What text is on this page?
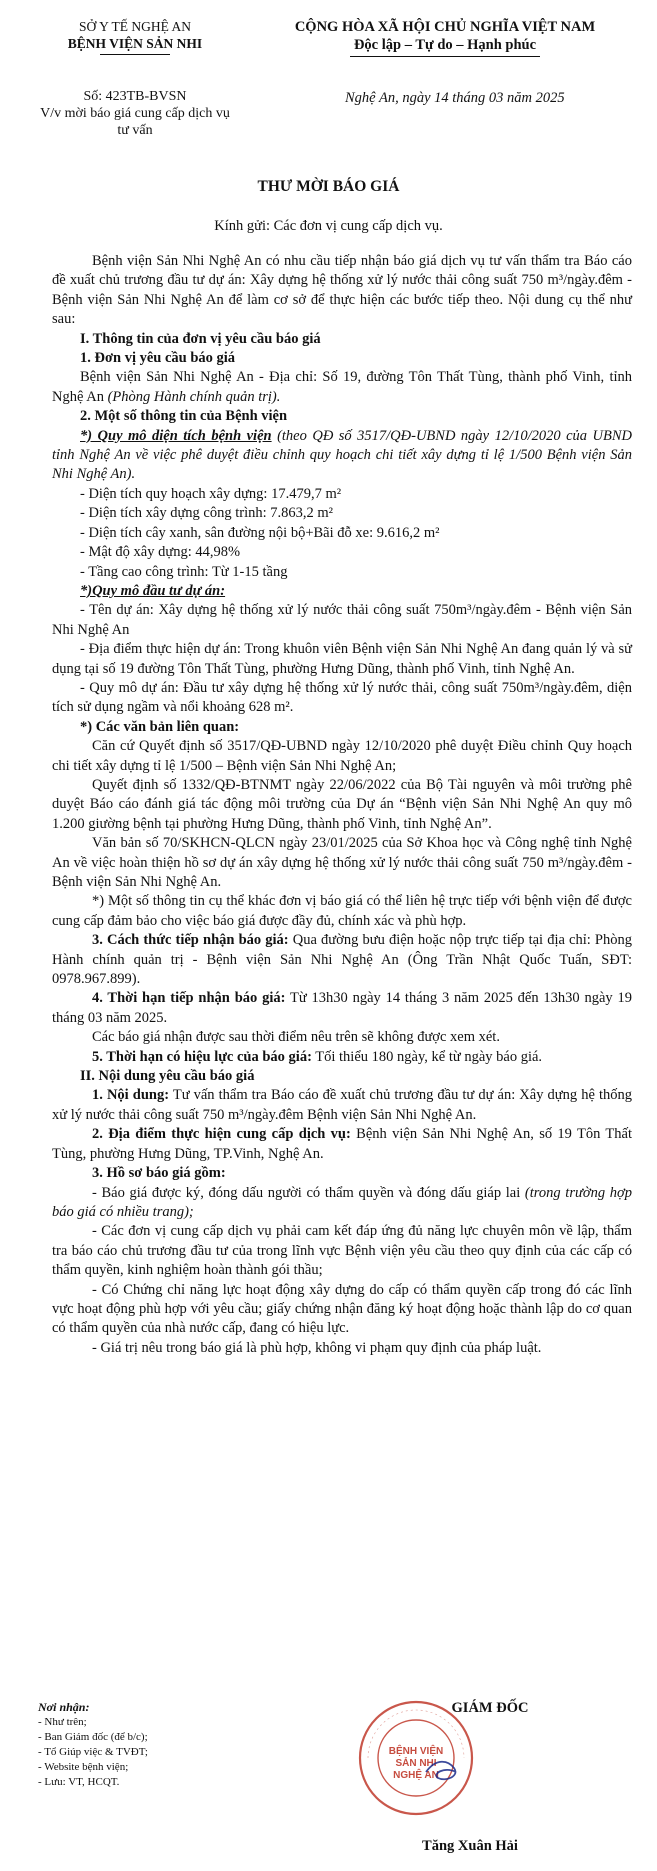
SỞ Y TẾ NGHỆ AN
BỆNH VIỆN SẢN NHI
CỘNG HÒA XÃ HỘI CHỦ NGHĨA VIỆT NAM
Độc lập – Tự do – Hạnh phúc
Số: 423TB-BVSN
V/v mời báo giá cung cấp dịch vụ tư vấn
Nghệ An, ngày 14 tháng 03 năm 2025
THƯ MỜI BÁO GIÁ
Kính gửi: Các đơn vị cung cấp dịch vụ.

Bệnh viện Sản Nhi Nghệ An có nhu cầu tiếp nhận báo giá dịch vụ tư vấn thẩm tra Báo cáo đề xuất chủ trương đầu tư dự án: Xây dựng hệ thống xử lý nước thải công suất 750 m³/ngày.đêm - Bệnh viện Sản Nhi Nghệ An để làm cơ sở để thực hiện các bước tiếp theo. Nội dung cụ thể như sau:

I. Thông tin của đơn vị yêu cầu báo giá

1. Đơn vị yêu cầu báo giá

Bệnh viện Sản Nhi Nghệ An - Địa chỉ: Số 19, đường Tôn Thất Tùng, thành phố Vinh, tỉnh Nghệ An (Phòng Hành chính quản trị).

2. Một số thông tin của Bệnh viện

*) Quy mô diện tích bệnh viện (theo QĐ số 3517/QĐ-UBND ngày 12/10/2020 của UBND tỉnh Nghệ An về việc phê duyệt điều chỉnh quy hoạch chi tiết xây dựng tỉ lệ 1/500 Bệnh viện Sản Nhi Nghệ An).

- Diện tích quy hoạch xây dựng: 17.479,7 m²

- Diện tích xây dựng công trình: 7.863,2 m²

- Diện tích cây xanh, sân đường nội bộ+Bãi đỗ xe: 9.616,2 m²

- Mật độ xây dựng: 44,98%

- Tầng cao công trình: Từ 1-15 tầng

*)Quy mô đầu tư dự án:

- Tên dự án: Xây dựng hệ thống xử lý nước thải công suất 750m³/ngày.đêm - Bệnh viện Sản Nhi Nghệ An

- Địa điểm thực hiện dự án: Trong khuôn viên Bệnh viện Sản Nhi Nghệ An đang quản lý và sử dụng tại số 19 đường Tôn Thất Tùng, phường Hưng Dũng, thành phố Vinh, tỉnh Nghệ An.

- Quy mô dự án: Đầu tư xây dựng hệ thống xử lý nước thải, công suất 750m³/ngày.đêm, diện tích sử dụng ngầm và nổi khoảng 628 m².

*) Các văn bản liên quan:

Căn cứ Quyết định số 3517/QĐ-UBND ngày 12/10/2020 phê duyệt Điều chỉnh Quy hoạch chi tiết xây dựng tỉ lệ 1/500 – Bệnh viện Sản Nhi Nghệ An;

Quyết định số 1332/QĐ-BTNMT ngày 22/06/2022 của Bộ Tài nguyên và môi trường phê duyệt Báo cáo đánh giá tác động môi trường của Dự án “Bệnh viện Sản Nhi Nghệ An quy mô 1.200 giường bệnh tại phường Hưng Dũng, thành phố Vinh, tỉnh Nghệ An”.

Văn bản số 70/SKHCN-QLCN ngày 23/01/2025 của Sở Khoa học và Công nghệ tỉnh Nghệ An về việc hoàn thiện hồ sơ dự án xây dựng hệ thống xử lý nước thải công suất 750 m³/ngày.đêm - Bệnh viện Sản Nhi Nghệ An.

*) Một số thông tin cụ thể khác đơn vị báo giá có thể liên hệ trực tiếp với bệnh viện để được cung cấp đảm bảo cho việc báo giá được đầy đủ, chính xác và phù hợp.

3. Cách thức tiếp nhận báo giá: Qua đường bưu điện hoặc nộp trực tiếp tại địa chỉ: Phòng Hành chính quản trị - Bệnh viện Sản Nhi Nghệ An (Ông Trần Nhật Quốc Tuấn, SĐT: 0978.967.899).

4. Thời hạn tiếp nhận báo giá: Từ 13h30 ngày 14 tháng 3 năm 2025 đến 13h30 ngày 19 tháng 03 năm 2025.

Các báo giá nhận được sau thời điểm nêu trên sẽ không được xem xét.

5. Thời hạn có hiệu lực của báo giá: Tối thiểu 180 ngày, kể từ ngày báo giá.

II. Nội dung yêu cầu báo giá

1. Nội dung: Tư vấn thẩm tra Báo cáo đề xuất chủ trương đầu tư dự án: Xây dựng hệ thống xử lý nước thải công suất 750 m³/ngày.đêm Bệnh viện Sản Nhi Nghệ An.

2. Địa điểm thực hiện cung cấp dịch vụ: Bệnh viện Sản Nhi Nghệ An, số 19 Tôn Thất Tùng, phường Hưng Dũng, TP.Vinh, Nghệ An.

3. Hồ sơ báo giá gồm:

- Báo giá được ký, đóng dấu người có thẩm quyền và đóng dấu giáp lai (trong trường hợp báo giá có nhiều trang);

- Các đơn vị cung cấp dịch vụ phải cam kết đáp ứng đủ năng lực chuyên môn về lập, thẩm tra báo cáo chủ trương đầu tư của trong lĩnh vực Bệnh viện yêu cầu theo quy định của các cấp có thẩm quyền, kinh nghiệm hoàn thành gói thầu;

- Có Chứng chỉ năng lực hoạt động xây dựng do cấp có thẩm quyền cấp trong đó các lĩnh vực hoạt động phù hợp với yêu cầu; giấy chứng nhận đăng ký hoạt động hoặc thành lập do cơ quan có thẩm quyền của nhà nước cấp, đang có hiệu lực.

- Giá trị nêu trong báo giá là phù hợp, không vi phạm quy định của pháp luật.

Nơi nhận:
- Như trên;
- Ban Giám đốc (để b/c);
- Tổ Giúp việc & TVĐT;
- Website bệnh viện;
- Lưu: VT, HCQT.
GIÁM ĐỐC
BỆNH VIỆN
SẢN NHI
NGHỆ AN
Tăng Xuân Hải
